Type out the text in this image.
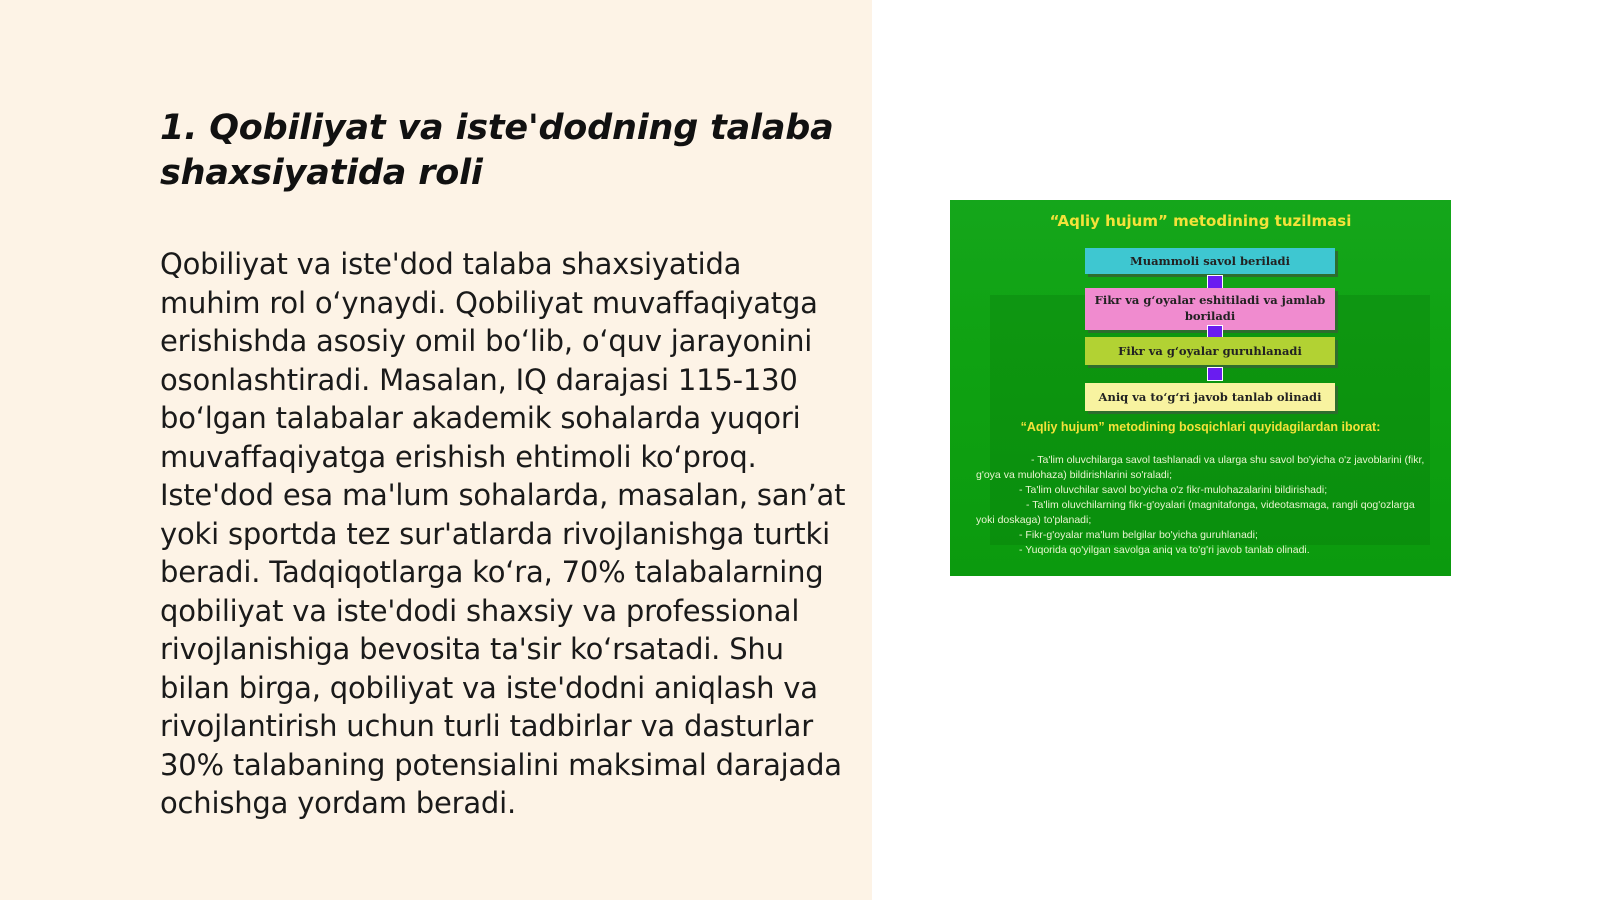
1. Qobiliyat va iste'dodning talaba shaxsiyatida roli

Qobiliyat va iste'dod talaba shaxsiyatida muhim rol o‘ynaydi. Qobiliyat muvaffaqiyatga erishishda asosiy omil bo‘lib, o‘quv jarayonini osonlashtiradi. Masalan, IQ darajasi 115-130 bo‘lgan talabalar akademik sohalarda yuqori muvaffaqiyatga erishish ehtimoli ko‘proq. Iste'dod esa ma'lum sohalarda, masalan, san’at yoki sportda tez sur'atlarda rivojlanishga turtki beradi. Tadqiqotlarga ko‘ra, 70% talabalarning qobiliyat va iste'dodi shaxsiy va professional rivojlanishiga bevosita ta'sir ko‘rsatadi. Shu bilan birga, qobiliyat va iste'dodni aniqlash va rivojlantirish uchun turli tadbirlar va dasturlar 30% talabaning potensialini maksimal darajada ochishga yordam beradi.

“Aqliy hujum” metodining tuzilmasi
Muammoli savol beriladi
Fikr va g‘oyalar eshitiladi va jamlab boriladi
Fikr va g‘oyalar guruhlanadi
Aniq va to‘g‘ri javob tanlab olinadi
“Aqliy hujum” metodining bosqichlari quyidagilardan iborat:
- Ta'lim oluvchilarga savol tashlanadi va ularga shu savol bo'yicha o'z javoblarini (fikr, g'oya va mulohaza) bildirishlarini so'raladi;
- Ta'lim oluvchilar savol bo'yicha o'z fikr-mulohazalarini bildirishadi;
- Ta'lim oluvchilarning fikr-g'oyalari (magnitafonga, videotasmaga, rangli qog'ozlarga yoki doskaga) to'planadi;
- Fikr-g'oyalar ma'lum belgilar bo'yicha guruhlanadi;
- Yuqorida qo'yilgan savolga aniq va to'g'ri javob tanlab olinadi.
